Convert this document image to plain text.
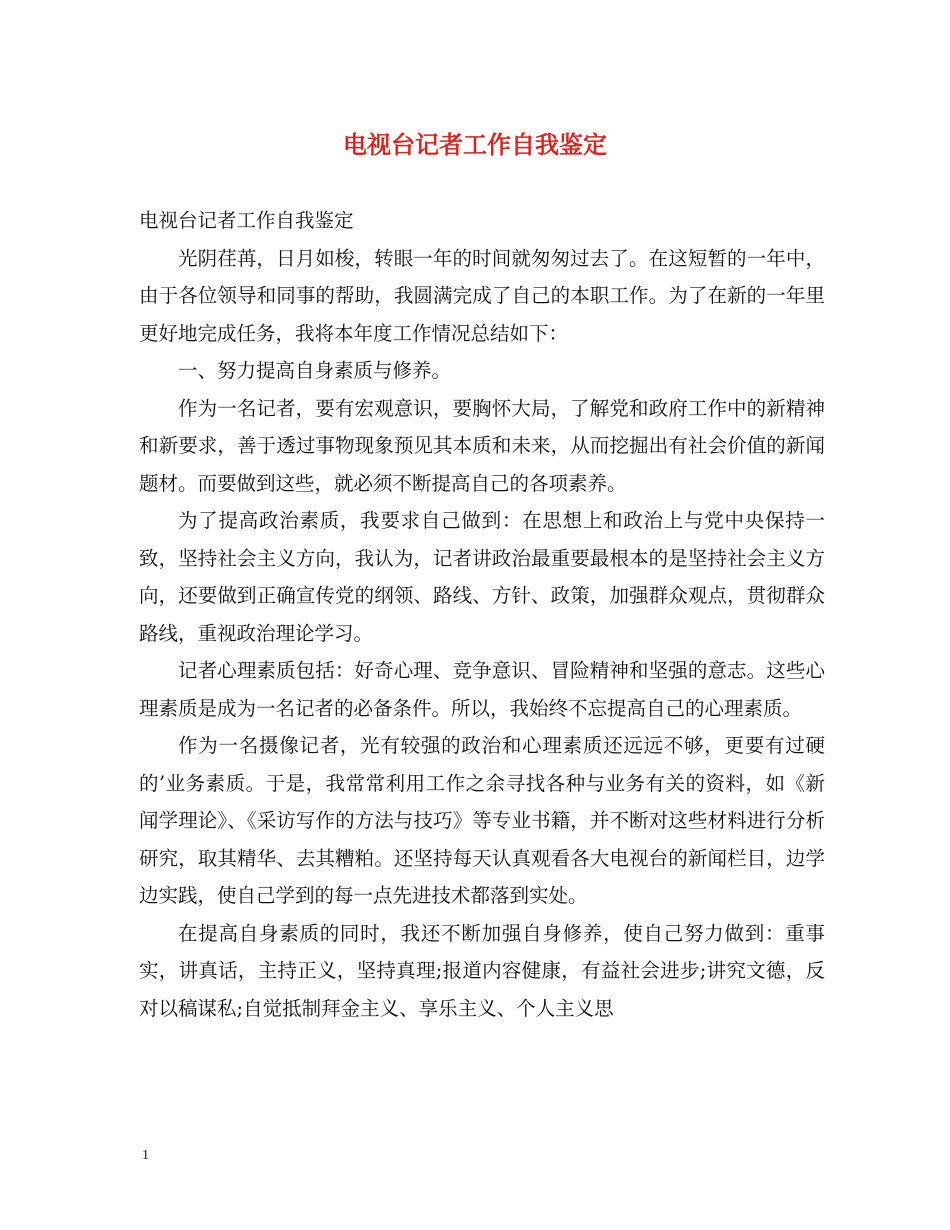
电视台记者工作自我鉴定

电视台记者工作自我鉴定

光阴荏苒，日月如梭，转眼一年的时间就匆匆过去了。在这短暂的一年中，由于各位领导和同事的帮助，我圆满完成了自己的本职工作。为了在新的一年里更好地完成任务，我将本年度工作情况总结如下：

一、努力提高自身素质与修养。

作为一名记者，要有宏观意识，要胸怀大局，了解党和政府工作中的新精神和新要求，善于透过事物现象预见其本质和未来，从而挖掘出有社会价值的新闻题材。而要做到这些，就必须不断提高自己的各项素养。

为了提高政治素质，我要求自己做到：在思想上和政治上与党中央保持一致，坚持社会主义方向，我认为，记者讲政治最重要最根本的是坚持社会主义方向，还要做到正确宣传党的纲领、路线、方针、政策，加强群众观点，贯彻群众路线，重视政治理论学习。

记者心理素质包括：好奇心理、竞争意识、冒险精神和坚强的意志。这些心理素质是成为一名记者的必备条件。所以，我始终不忘提高自己的心理素质。

作为一名摄像记者，光有较强的政治和心理素质还远远不够，更要有过硬的’业务素质。于是，我常常利用工作之余寻找各种与业务有关的资料，如《新闻学理论》、《采访写作的方法与技巧》等专业书籍，并不断对这些材料进行分析研究，取其精华、去其糟粕。还坚持每天认真观看各大电视台的新闻栏目，边学边实践，使自己学到的每一点先进技术都落到实处。

在提高自身素质的同时，我还不断加强自身修养，使自己努力做到：重事实，讲真话，主持正义，坚持真理;报道内容健康，有益社会进步;讲究文德，反对以稿谋私;自觉抵制拜金主义、享乐主义、个人主义思

1
